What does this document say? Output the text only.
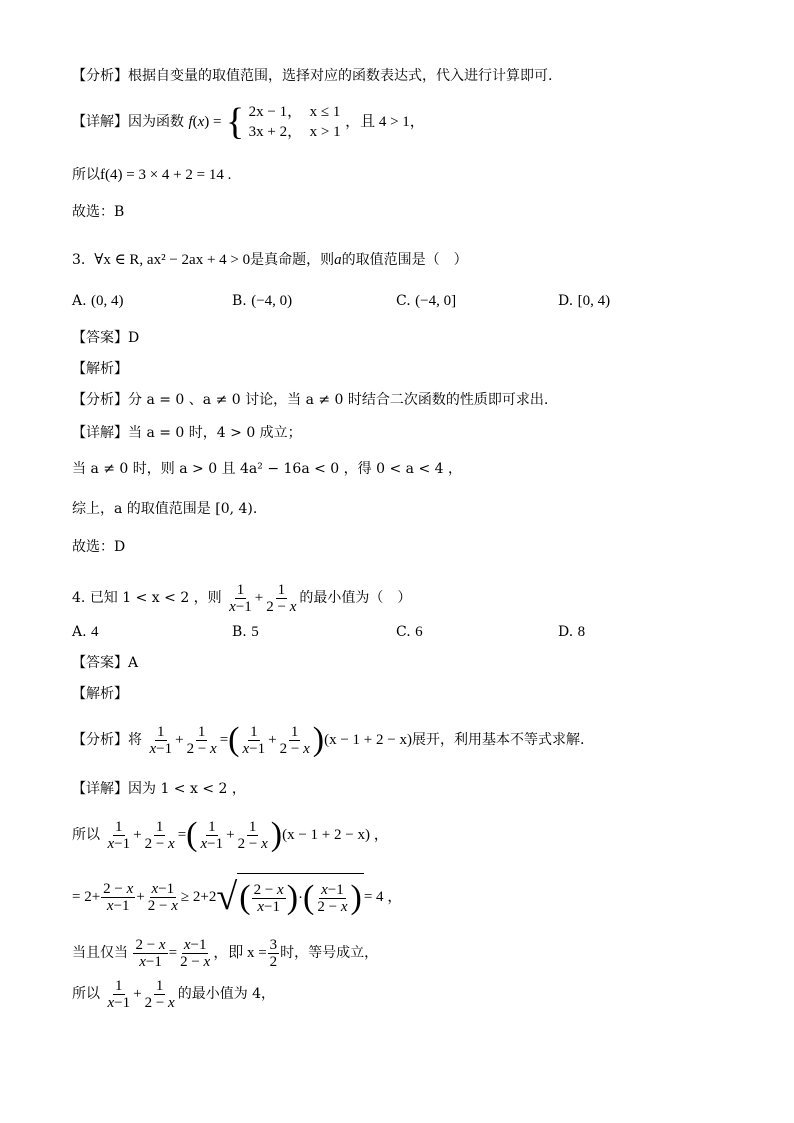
【分析】根据自变量的取值范围，选择对应的函数表达式，代入进行计算即可.
【详解】因为函数 f(x) = { 2x − 1， x ≤ 1
3x + 2， x > 1
，且 4 > 1，
所以f(4) = 3 × 4 + 2 = 14 .
故选：B
3. ∀x ∈ R, ax² − 2ax + 4 > 0是真命题，则a的取值范围是（　）
A. (0, 4)	B. (−4, 0)	C. (−4, 0]	D. [0, 4)
【答案】D
【解析】
【分析】分 a = 0 、a ≠ 0 讨论，当 a ≠ 0 时结合二次函数的性质即可求出.
【详解】当 a = 0 时，4 > 0 成立；
当 a ≠ 0 时，则 a > 0 且 4a² − 16a < 0 ，得 0 < a < 4 ，
综上，a 的取值范围是 [0, 4).
故选：D
4. 已知 1 < x < 2 ，则 $\frac{1}{x-1} + \frac{1}{2 - x}$ 的最小值为（　）
A. 4	B. 5	C. 6	D. 8
【答案】A
【解析】
【分析】将 $\frac{1}{x-1} + \frac{1}{2 - x}$ =( $\frac{1}{x-1} + \frac{1}{2 - x} )(x - 1 + 2 - x)$展开，利用基本不等式求解.
【详解】因为 1 < x < 2 ，
所以 $\frac{1}{x-1} + \frac{1}{2 - x}$ =( $\frac{1}{x-1} + \frac{1}{2 - x} )(x - 1 + 2 - x)$ ，
= $2+ \frac{2 - x}{x-1} + \frac{x-1}{2 - x} \ge 2+2$ √ ( $\frac{2 - x}{x-1}$ ) · ( $\frac{x-1}{2 - x}$ ) = 4 ，
当且仅当 $\frac{2 - x}{x-1} = \frac{x-1}{2 - x}$ ，即 $x = \frac{3}{2}$ 时，等号成立，
所以 $\frac{1}{x-1} + \frac{1}{2 - x}$ 的最小值为 4，
